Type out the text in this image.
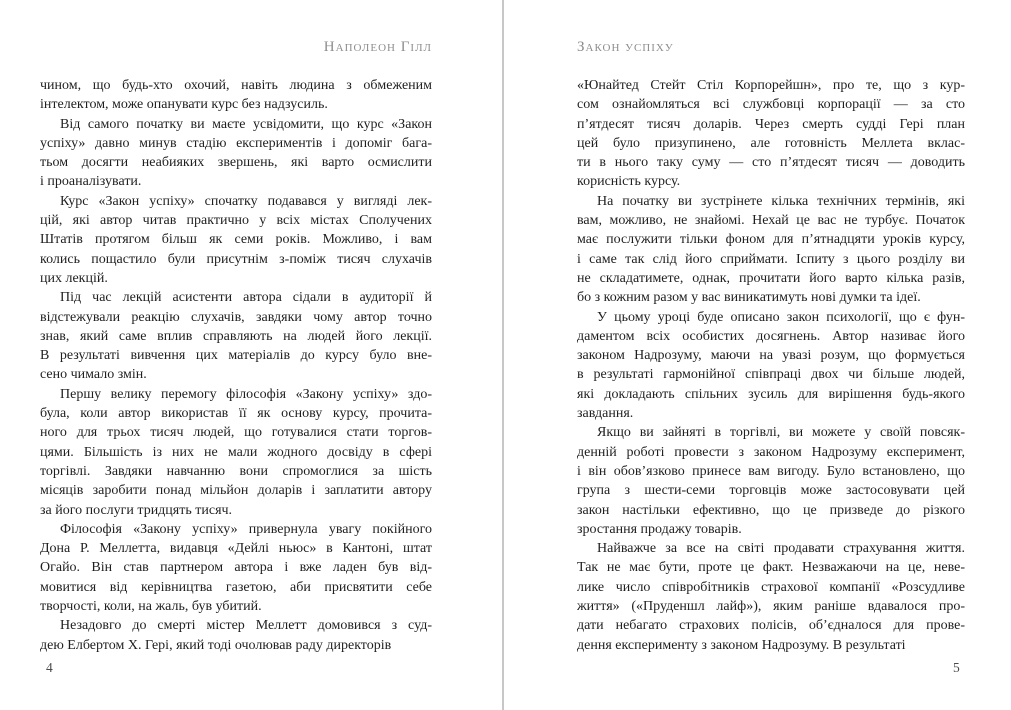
Наполеон Гілл
чином, що будь-хто охочий, навіть людина з обмеженим
інтелектом, може опанувати курс без надзусиль.
Від самого початку ви маєте усвідомити, що курс «Закон
успіху» давно минув стадію експериментів і допоміг бага-
тьом досягти неабияких звершень, які варто осмислити
і проаналізувати.
Курс «Закон успіху» спочатку подавався у вигляді лек-
цій, які автор читав практично у всіх містах Сполучених
Штатів протягом більш як семи років. Можливо, і вам
колись пощастило були присутнім з-поміж тисяч слухачів
цих лекцій.
Під час лекцій асистенти автора сідали в аудиторії й
відстежували реакцію слухачів, завдяки чому автор точно
знав, який саме вплив справляють на людей його лекції.
В результаті вивчення цих матеріалів до курсу було вне-
сено чимало змін.
Першу велику перемогу філософія «Закону успіху» здо-
була, коли автор використав її як основу курсу, прочита-
ного для трьох тисяч людей, що готувалися стати торгов-
цями. Більшість із них не мали жодного досвіду в сфері
торгівлі. Завдяки навчанню вони спромоглися за шість
місяців заробити понад мільйон доларів і заплатити автору
за його послуги тридцять тисяч.
Філософія «Закону успіху» привернула увагу покійного
Дона Р. Меллетта, видавця «Дейлі ньюс» в Кантоні, штат
Огайо. Він став партнером автора і вже ладен був від-
мовитися від керівництва газетою, аби присвятити себе
творчості, коли, на жаль, був убитий.
Незадовго до смерті містер Меллетт домовився з суд-
дею Елбертом Х. Гері, який тоді очолював раду директорів
Закон успіху
«Юнайтед Стейт Стіл Корпорейшн», про те, що з кур-
сом ознайомляться всі службовці корпорації — за сто
п’ятдесят тисяч доларів. Через смерть судді Гері план
цей було призупинено, але готовність Меллета вклас-
ти в нього таку суму — сто п’ятдесят тисяч — доводить
корисність курсу.
На початку ви зустрінете кілька технічних термінів, які
вам, можливо, не знайомі. Нехай це вас не турбує. Початок
має послужити тільки фоном для п’ятнадцяти уроків курсу,
і саме так слід його сприймати. Іспиту з цього розділу ви
не складатимете, однак, прочитати його варто кілька разів,
бо з кожним разом у вас виникатимуть нові думки та ідеї.
У цьому уроці буде описано закон психології, що є фун-
даментом всіх особистих досягнень. Автор називає його
законом Надрозуму, маючи на увазі розум, що формується
в результаті гармонійної співпраці двох чи більше людей,
які докладають спільних зусиль для вирішення будь-якого
завдання.
Якщо ви зайняті в торгівлі, ви можете у своїй повсяк-
денній роботі провести з законом Надрозуму експеримент,
і він обов’язково принесе вам вигоду. Було встановлено, що
група з шести-семи торговців може застосовувати цей
закон настільки ефективно, що це призведе до різкого
зростання продажу товарів.
Найважче за все на світі продавати страхування життя.
Так не має бути, проте це факт. Незважаючи на це, неве-
лике число співробітників страхової компанії «Розсудливе
життя» («Пруденшл лайф»), яким раніше вдавалося про-
дати небагато страхових полісів, об’єдналося для прове-
дення експерименту з законом Надрозуму. В результаті
4	5
